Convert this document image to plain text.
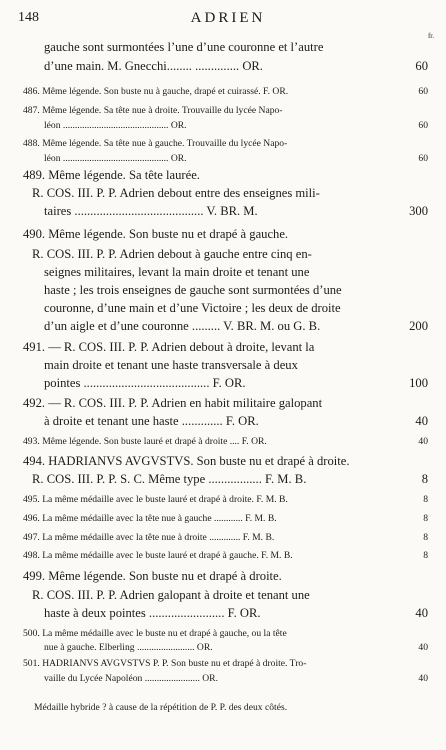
148	ADRIEN
fr.
gauche sont surmontées l’une d’une couronne et l’autre
d’une main. M. Gnecchi........ .............. OR.	60
486. Même légende. Son buste nu à gauche, drapé et cuirassé. F. OR.	60
487. Même légende. Sa tête nue à droite. Trouvaille du lycée Napo-
léon ............................................ OR.	60
488. Même légende. Sa tête nue à gauche. Trouvaille du lycée Napo-
léon ............................................ OR.	60
489. Même légende. Sa tête laurée.
R. COS. III. P. P. Adrien debout entre des enseignes mili-
taires ......................................... V. BR. M.	300
490. Même légende. Son buste nu et drapé à gauche.
R. COS. III. P. P. Adrien debout à gauche entre cinq en-
seignes militaires, levant la main droite et tenant une
haste ; les trois enseignes de gauche sont surmontées d’une
couronne, d’une main et d’une Victoire ; les deux de droite
d’un aigle et d’une couronne ......... V. BR. M. ou G. B.	200
491. — R. COS. III. P. P. Adrien debout à droite, levant la
main droite et tenant une haste transversale à deux
pointes ........................................ F. OR.	100
492. — R. COS. III. P. P. Adrien en habit militaire galopant
à droite et tenant une haste ............. F. OR.	40
493. Même légende. Son buste lauré et drapé à droite .... F. OR.	40
494. HADRIANVS AVGVSTVS. Son buste nu et drapé à droite.
R. COS. III. P. P. S. C. Même type ................. F. M. B.	8
495. La même médaille avec le buste lauré et drapé à droite. F. M. B.	8
496. La même médaille avec la tête nue à gauche ............ F. M. B.	8
497. La même médaille avec la tête nue à droite ............. F. M. B.	8
498. La même médaille avec le buste lauré et drapé à gauche. F. M. B.	8
499. Même légende. Son buste nu et drapé à droite.
R. COS. III. P. P. Adrien galopant à droite et tenant une
haste à deux pointes ........................ F. OR.	40
500. La même médaille avec le buste nu et drapé à gauche, ou la tête
nue à gauche. Elberling ........................ OR.	40
501. HADRIANVS AVGVSTVS P. P. Son buste nu et drapé à droite. Tro-
vaille du Lycée Napoléon ....................... OR.	40
Médaille hybride ? à cause de la répétition de P. P. des deux côtés.
